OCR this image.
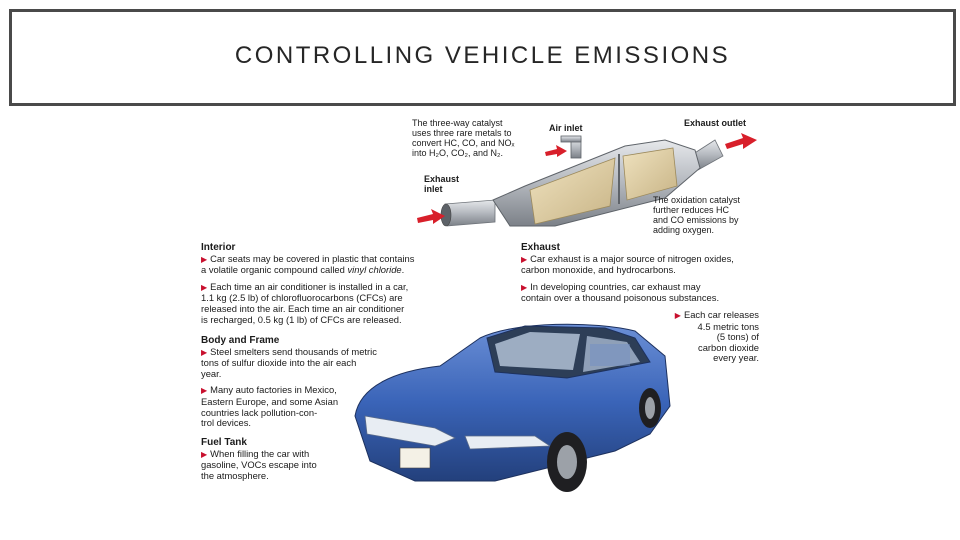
CONTROLLING VEHICLE EMISSIONS
The three-way catalyst
uses three rare metals to
convert HC, CO, and NOₓ
into H₂O, CO₂, and N₂.
Air inlet	Exhaust outlet
Exhaust
inlet
The oxidation catalyst
further reduces HC
and CO emissions by
adding oxygen.
Interior
▶ Car seats may be covered in plastic that contains
a volatile organic compound called vinyl chloride.
▶ Each time an air conditioner is installed in a car,
1.1 kg (2.5 lb) of chlorofluorocarbons (CFCs) are
released into the air. Each time an air conditioner
is recharged, 0.5 kg (1 lb) of CFCs are released.
Body and Frame
▶ Steel smelters send thousands of metric
tons of sulfur dioxide into the air each
year.
▶ Many auto factories in Mexico,
Eastern Europe, and some Asian
countries lack pollution-con-
trol devices.
Fuel Tank
▶ When filling the car with
gasoline, VOCs escape into
the atmosphere.
Exhaust
▶ Car exhaust is a major source of nitrogen oxides,
carbon monoxide, and hydrocarbons.
▶ In developing countries, car exhaust may
contain over a thousand poisonous substances.
▶ Each car releases
4.5 metric tons
(5 tons) of
carbon dioxide
every year.
